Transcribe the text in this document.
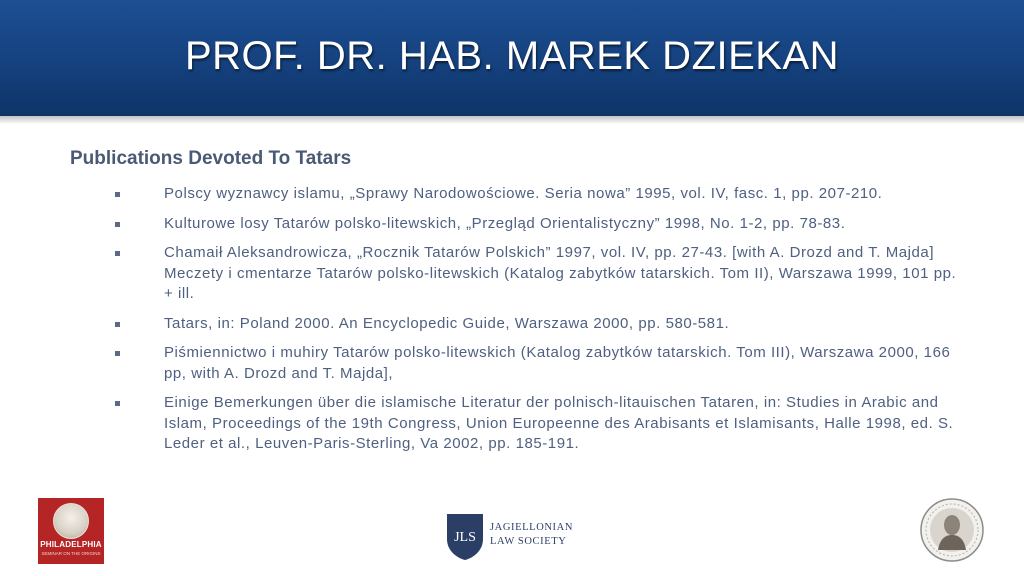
PROF. DR. HAB. MAREK DZIEKAN
Publications Devoted To Tatars
Polscy wyznawcy islamu, „Sprawy Narodowościowe. Seria nowa” 1995, vol. IV, fasc. 1, pp. 207-210.
Kulturowe losy Tatarów polsko-litewskich, „Przegląd Orientalistyczny” 1998, No. 1-2, pp. 78-83.
Chamaił Aleksandrowicza, „Rocznik Tatarów Polskich” 1997, vol. IV, pp. 27-43. [with A. Drozd and T. Majda] Meczety i cmentarze Tatarów polsko-litewskich (Katalog zabytków tatarskich. Tom II), Warszawa 1999, 101 pp. + ill.
Tatars, in: Poland 2000. An Encyclopedic Guide, Warszawa 2000, pp. 580-581.
Piśmiennictwo i muhiry Tatarów polsko-litewskich (Katalog zabytków tatarskich. Tom III), Warszawa 2000, 166 pp, with A. Drozd and T. Majda],
Einige Bemerkungen über die islamische Literatur der polnisch-litauischen Tataren, in: Studies in Arabic and Islam, Proceedings of the 19th Congress, Union Europeenne des Arabisants et Islamisants, Halle 1998, ed. S. Leder et al., Leuven-Paris-Sterling, Va 2002, pp. 185-191.
PHILADELPHIA
SEMINAR ON THE ORIGINS
JLS
JAGIELLONIAN
LAW SOCIETY
